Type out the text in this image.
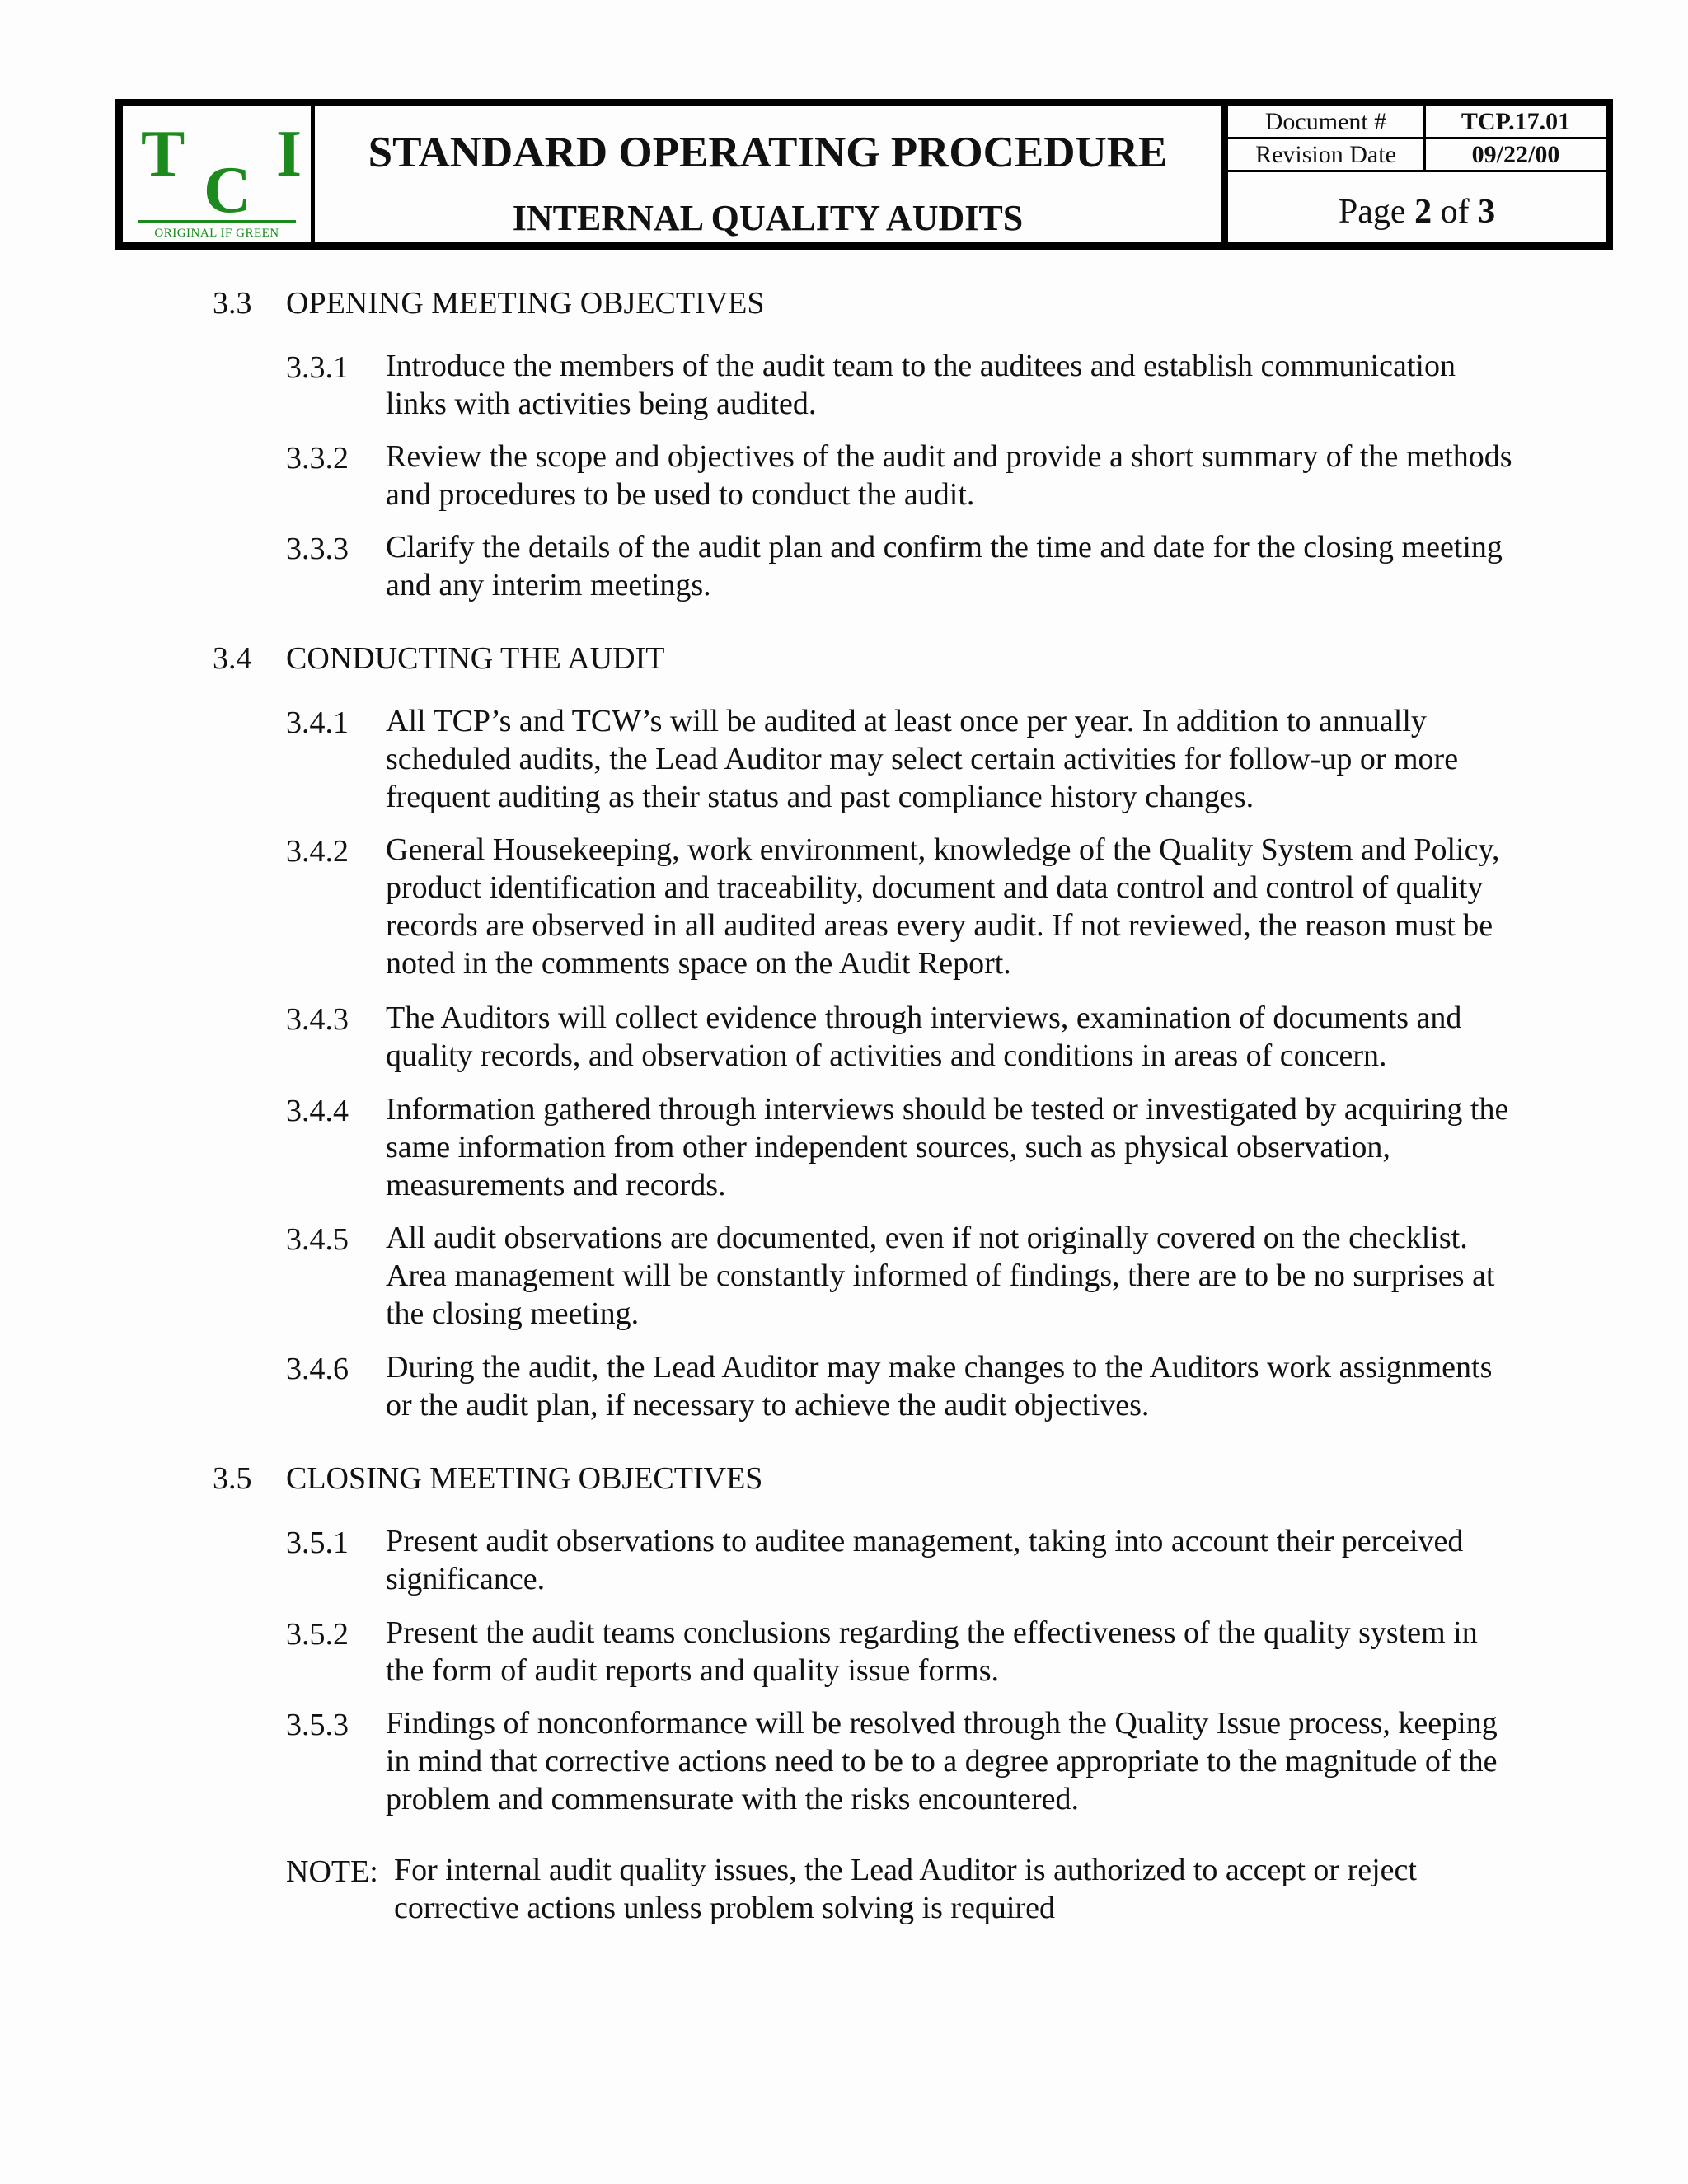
T C I
ORIGINAL IF GREEN
STANDARD OPERATING PROCEDURE
INTERNAL QUALITY AUDITS
Document #	TCP.17.01
Revision Date	09/22/00
Page 2 of 3
3.3 OPENING MEETING OBJECTIVES
3.3.1 Introduce the members of the audit team to the auditees and establish communication
links with activities being audited.
3.3.2 Review the scope and objectives of the audit and provide a short summary of the methods
and procedures to be used to conduct the audit.
3.3.3 Clarify the details of the audit plan and confirm the time and date for the closing meeting
and any interim meetings.
3.4 CONDUCTING THE AUDIT
3.4.1 All TCP’s and TCW’s will be audited at least once per year. In addition to annually
scheduled audits, the Lead Auditor may select certain activities for follow-up or more
frequent auditing as their status and past compliance history changes.
3.4.2 General Housekeeping, work environment, knowledge of the Quality System and Policy,
product identification and traceability, document and data control and control of quality
records are observed in all audited areas every audit. If not reviewed, the reason must be
noted in the comments space on the Audit Report.
3.4.3 The Auditors will collect evidence through interviews, examination of documents and
quality records, and observation of activities and conditions in areas of concern.
3.4.4 Information gathered through interviews should be tested or investigated by acquiring the
same information from other independent sources, such as physical observation,
measurements and records.
3.4.5 All audit observations are documented, even if not originally covered on the checklist.
Area management will be constantly informed of findings, there are to be no surprises at
the closing meeting.
3.4.6 During the audit, the Lead Auditor may make changes to the Auditors work assignments
or the audit plan, if necessary to achieve the audit objectives.
3.5 CLOSING MEETING OBJECTIVES
3.5.1 Present audit observations to auditee management, taking into account their perceived
significance.
3.5.2 Present the audit teams conclusions regarding the effectiveness of the quality system in
the form of audit reports and quality issue forms.
3.5.3 Findings of nonconformance will be resolved through the Quality Issue process, keeping
in mind that corrective actions need to be to a degree appropriate to the magnitude of the
problem and commensurate with the risks encountered.
NOTE: For internal audit quality issues, the Lead Auditor is authorized to accept or reject
corrective actions unless problem solving is required
